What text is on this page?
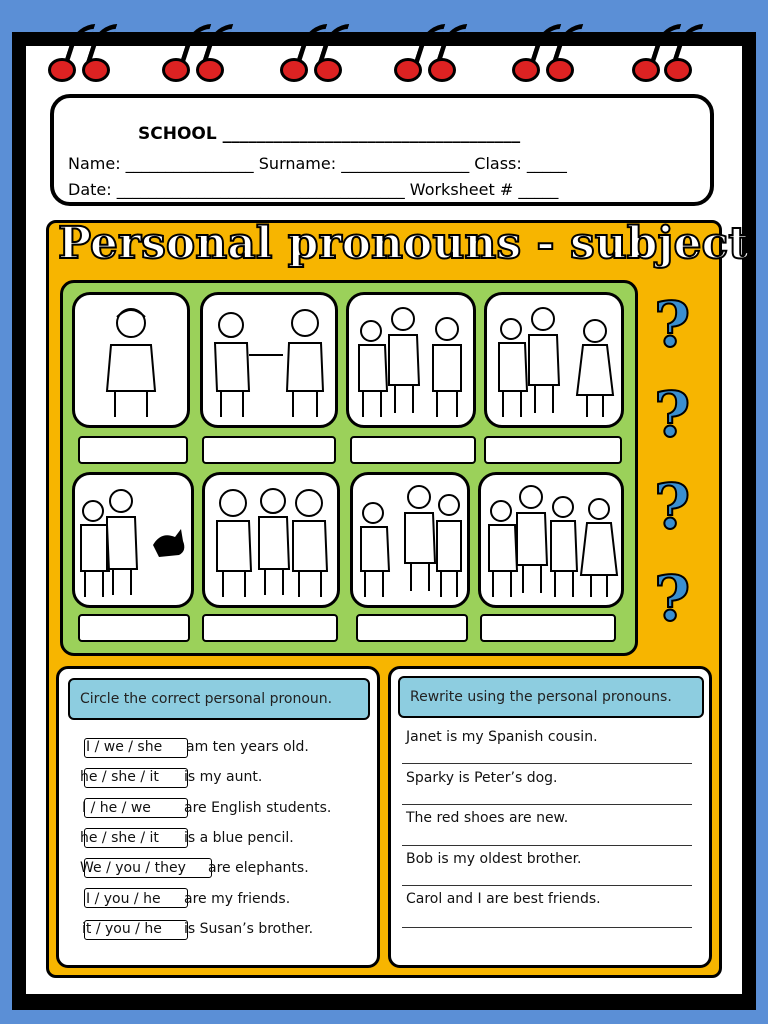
SCHOOL ___________________________________
Name: ________________ Surname: ________________ Class: _____
Date: ____________________________________ Worksheet # _____
Personal pronouns - subject
?
?
?
?
Circle the correct personal pronoun.
I / we / she am ten years old.
he / she / it is my aunt.
I / he / we are English students.
he / she / it is a blue pencil.
We / you / they are elephants.
I / you / he are my friends.
it / you / he is Susan’s brother.
Rewrite using the personal pronouns.
Janet is my Spanish cousin.
Sparky is Peter’s dog.
The red shoes are new.
Bob is my oldest brother.
Carol and I are best friends.
